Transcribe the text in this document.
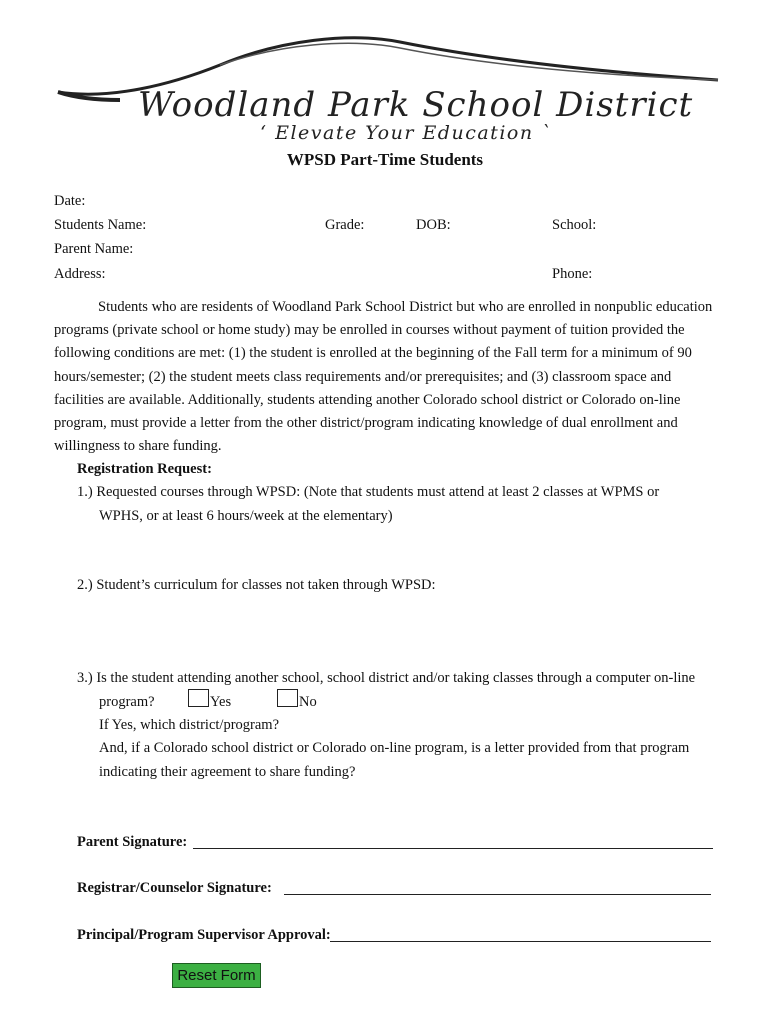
Woodland Park School District
‘ Elevate Your Education `
WPSD Part-Time Students
Date:
Students Name:	Grade:	DOB:	School:
Parent Name:
Address:	Phone:
Students who are residents of Woodland Park School District but who are enrolled in nonpublic education programs (private school or home study) may be enrolled in courses without payment of tuition provided the following conditions are met: (1) the student is enrolled at the beginning of the Fall term for a minimum of 90 hours/semester; (2) the student meets class requirements and/or prerequisites; and (3) classroom space and facilities are available. Additionally, students attending another Colorado school district or Colorado on-line program, must provide a letter from the other district/program indicating knowledge of dual enrollment and willingness to share funding.
Registration Request:
1.) Requested courses through WPSD: (Note that students must attend at least 2 classes at WPMS or
WPHS, or at least 6 hours/week at the elementary)
2.) Student’s curriculum for classes not taken through WPSD:
3.) Is the student attending another school, school district and/or taking classes through a computer on-line
program?	Yes	No
If Yes, which district/program?
And, if a Colorado school district or Colorado on-line program, is a letter provided from that program
indicating their agreement to share funding?
Parent Signature:
Registrar/Counselor Signature:
Principal/Program Supervisor Approval:
Reset Form
